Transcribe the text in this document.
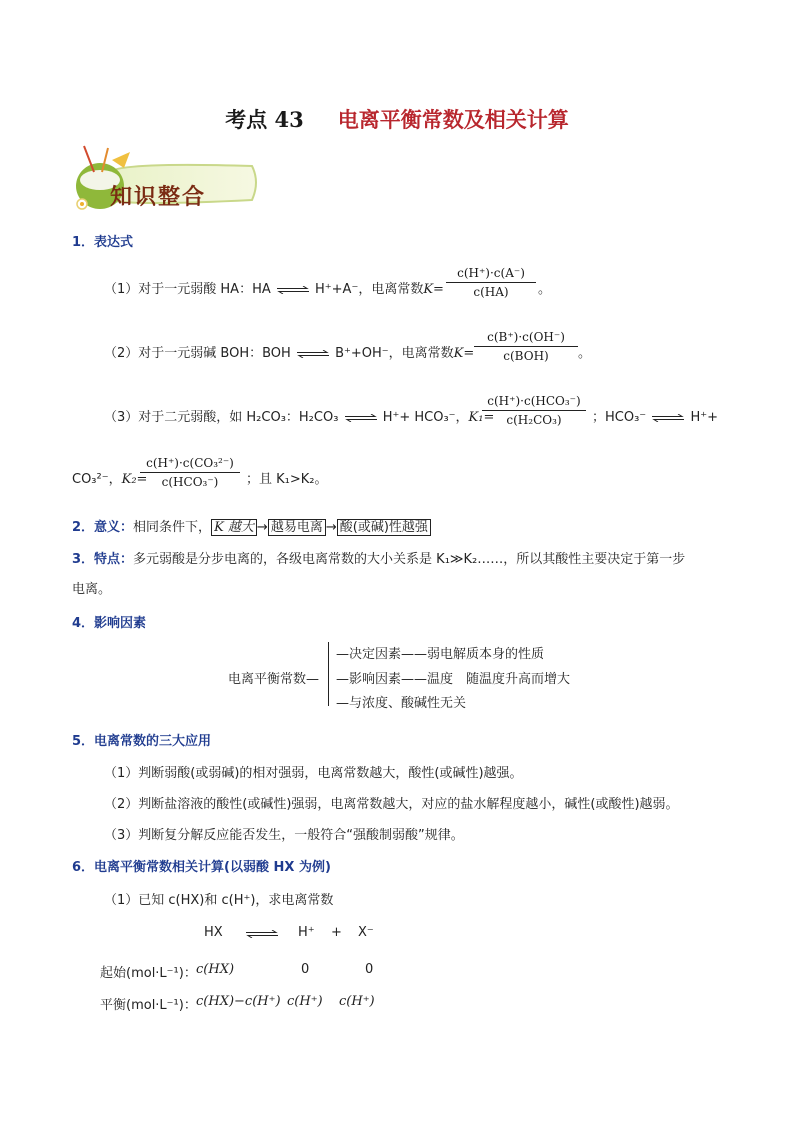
考点 43 电离平衡常数及相关计算
知识整合
1．表达式
（1）对于一元弱酸 HA：HA ⇌ H⁺+A⁻，电离常数K=
c(H⁺)·c(A⁻)
c(HA)	。
（2）对于一元弱碱 BOH：BOH ⇌ B⁺+OH⁻，电离常数K=
c(B⁺)·c(OH⁻)
c(BOH)	。
（3）对于二元弱酸，如 H₂CO₃：H₂CO₃ ⇌ H⁺+ HCO₃⁻，K₁=
c(H⁺)·c(HCO₃⁻)
c(H₂CO₃)	；HCO₃⁻ ⇌ H⁺+
CO₃²⁻，K₂=
c(H⁺)·c(CO₃²⁻)
c(HCO₃⁻)	；且 K₁>K₂。
2．意义：相同条件下， K 越大 → 越易电离 → 酸(或碱)性越强
3．特点：多元弱酸是分步电离的，各级电离常数的大小关系是 K₁≫K₂……，所以其酸性主要决定于第一步
电离。
4．影响因素
电离平衡常数—
—决定因素——弱电解质本身的性质
—影响因素——温度　随温度升高而增大
—与浓度、酸碱性无关
5．电离常数的三大应用
（1）判断弱酸(或弱碱)的相对强弱，电离常数越大，酸性(或碱性)越强。
（2）判断盐溶液的酸性(或碱性)强弱，电离常数越大，对应的盐水解程度越小，碱性(或酸性)越弱。
（3）判断复分解反应能否发生，一般符合“强酸制弱酸”规律。
6．电离平衡常数相关计算(以弱酸 HX 为例)
（1）已知 c(HX)和 c(H⁺)，求电离常数
HX ⇌ H⁺ + X⁻
起始(mol·L⁻¹)： c(HX)	0	0
平衡(mol·L⁻¹)： c(HX)−c(H⁺) c(H⁺) c(H⁺)
